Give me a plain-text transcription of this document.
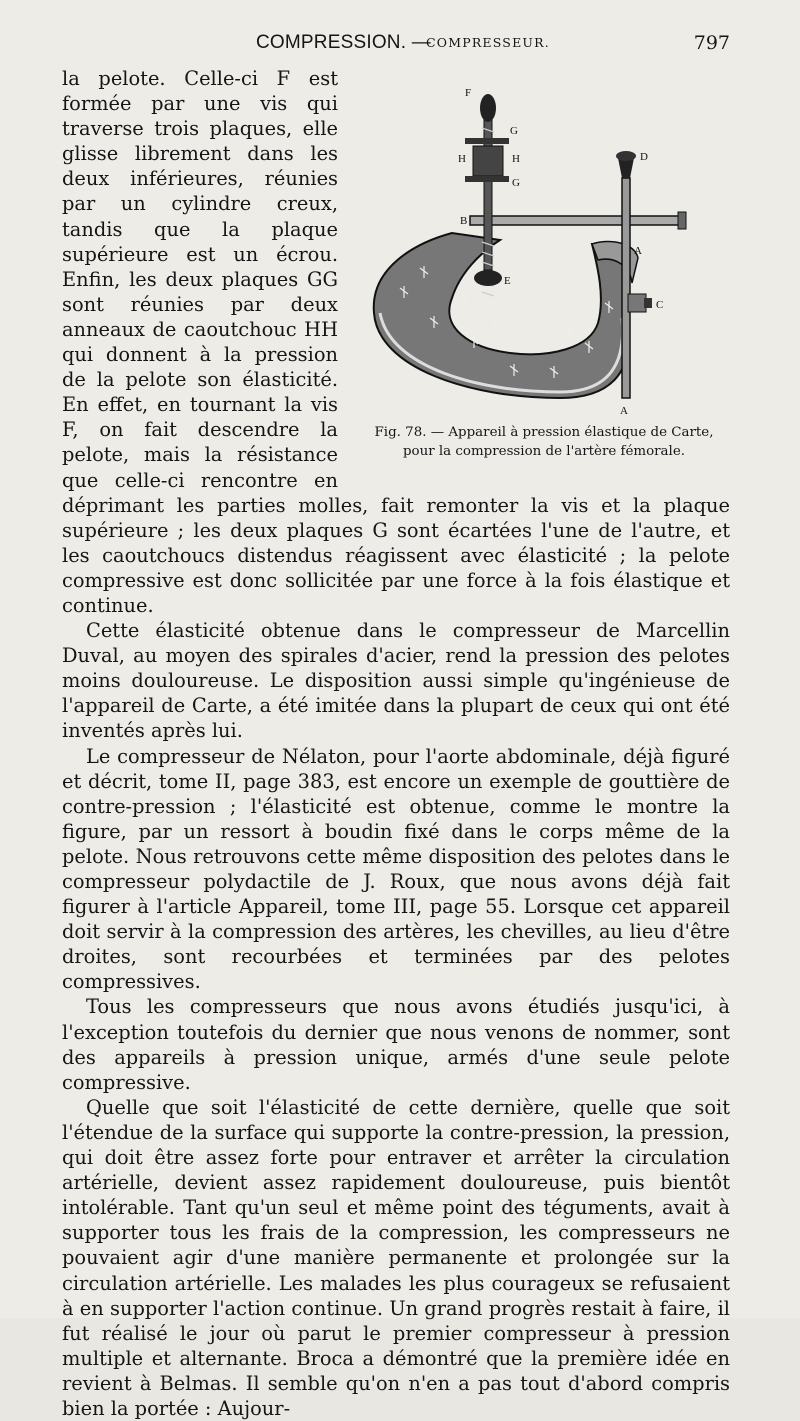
COMPRESSION. —
COMPRESSEUR.	797
F
G
H	H
G
B
E
D
A
C
A
Fig. 78. — Appareil à pression élastique de Carte,
pour la compression de l'artère fémorale.

la pelote. Celle-ci F est formée par une vis qui traverse trois plaques, elle glisse librement dans les deux inférieures, réunies par un cylindre creux, tandis que la plaque supérieure est un écrou. Enfin, les deux plaques GG sont réunies par deux anneaux de caoutchouc HH qui donnent à la pression de la pelote son élasticité. En effet, en tournant la vis F, on fait descendre la pelote, mais la résistance que celle-ci rencontre en déprimant les parties molles, fait remonter la vis et la plaque supérieure ; les deux plaques G sont écartées l'une de l'autre, et les caoutchoucs distendus réagissent avec élasticité ; la pelote compressive est donc sollicitée par une force à la fois élastique et continue.

Cette élasticité obtenue dans le compresseur de Marcellin Duval, au moyen des spirales d'acier, rend la pression des pelotes moins douloureuse. Le disposition aussi simple qu'ingénieuse de l'appareil de Carte, a été imitée dans la plupart de ceux qui ont été inventés après lui.

Le compresseur de Nélaton, pour l'aorte abdominale, déjà figuré et décrit, tome II, page 383, est encore un exemple de gouttière de contre-pression ; l'élasticité est obtenue, comme le montre la figure, par un ressort à boudin fixé dans le corps même de la pelote. Nous retrouvons cette même disposition des pelotes dans le compresseur polydactile de J. Roux, que nous avons déjà fait figurer à l'article Appareil, tome III, page 55. Lorsque cet appareil doit servir à la compression des artères, les chevilles, au lieu d'être droites, sont recourbées et terminées par des pelotes compressives.

Tous les compresseurs que nous avons étudiés jusqu'ici, à l'exception toutefois du dernier que nous venons de nommer, sont des appareils à pression unique, armés d'une seule pelote compressive.

Quelle que soit l'élasticité de cette dernière, quelle que soit l'étendue de la surface qui supporte la contre-pression, la pression, qui doit être assez forte pour entraver et arrêter la circulation artérielle, devient assez rapidement douloureuse, puis bientôt intolérable. Tant qu'un seul et même point des téguments, avait à supporter tous les frais de la compression, les compresseurs ne pouvaient agir d'une manière permanente et prolongée sur la circulation artérielle. Les malades les plus courageux se refusaient à en supporter l'action continue. Un grand progrès restait à faire, il fut réalisé le jour où parut le premier compresseur à pression multiple et alternante. Broca a démontré que la première idée en revient à Belmas. Il semble qu'on n'en a pas tout d'abord compris bien la portée : Aujour-
